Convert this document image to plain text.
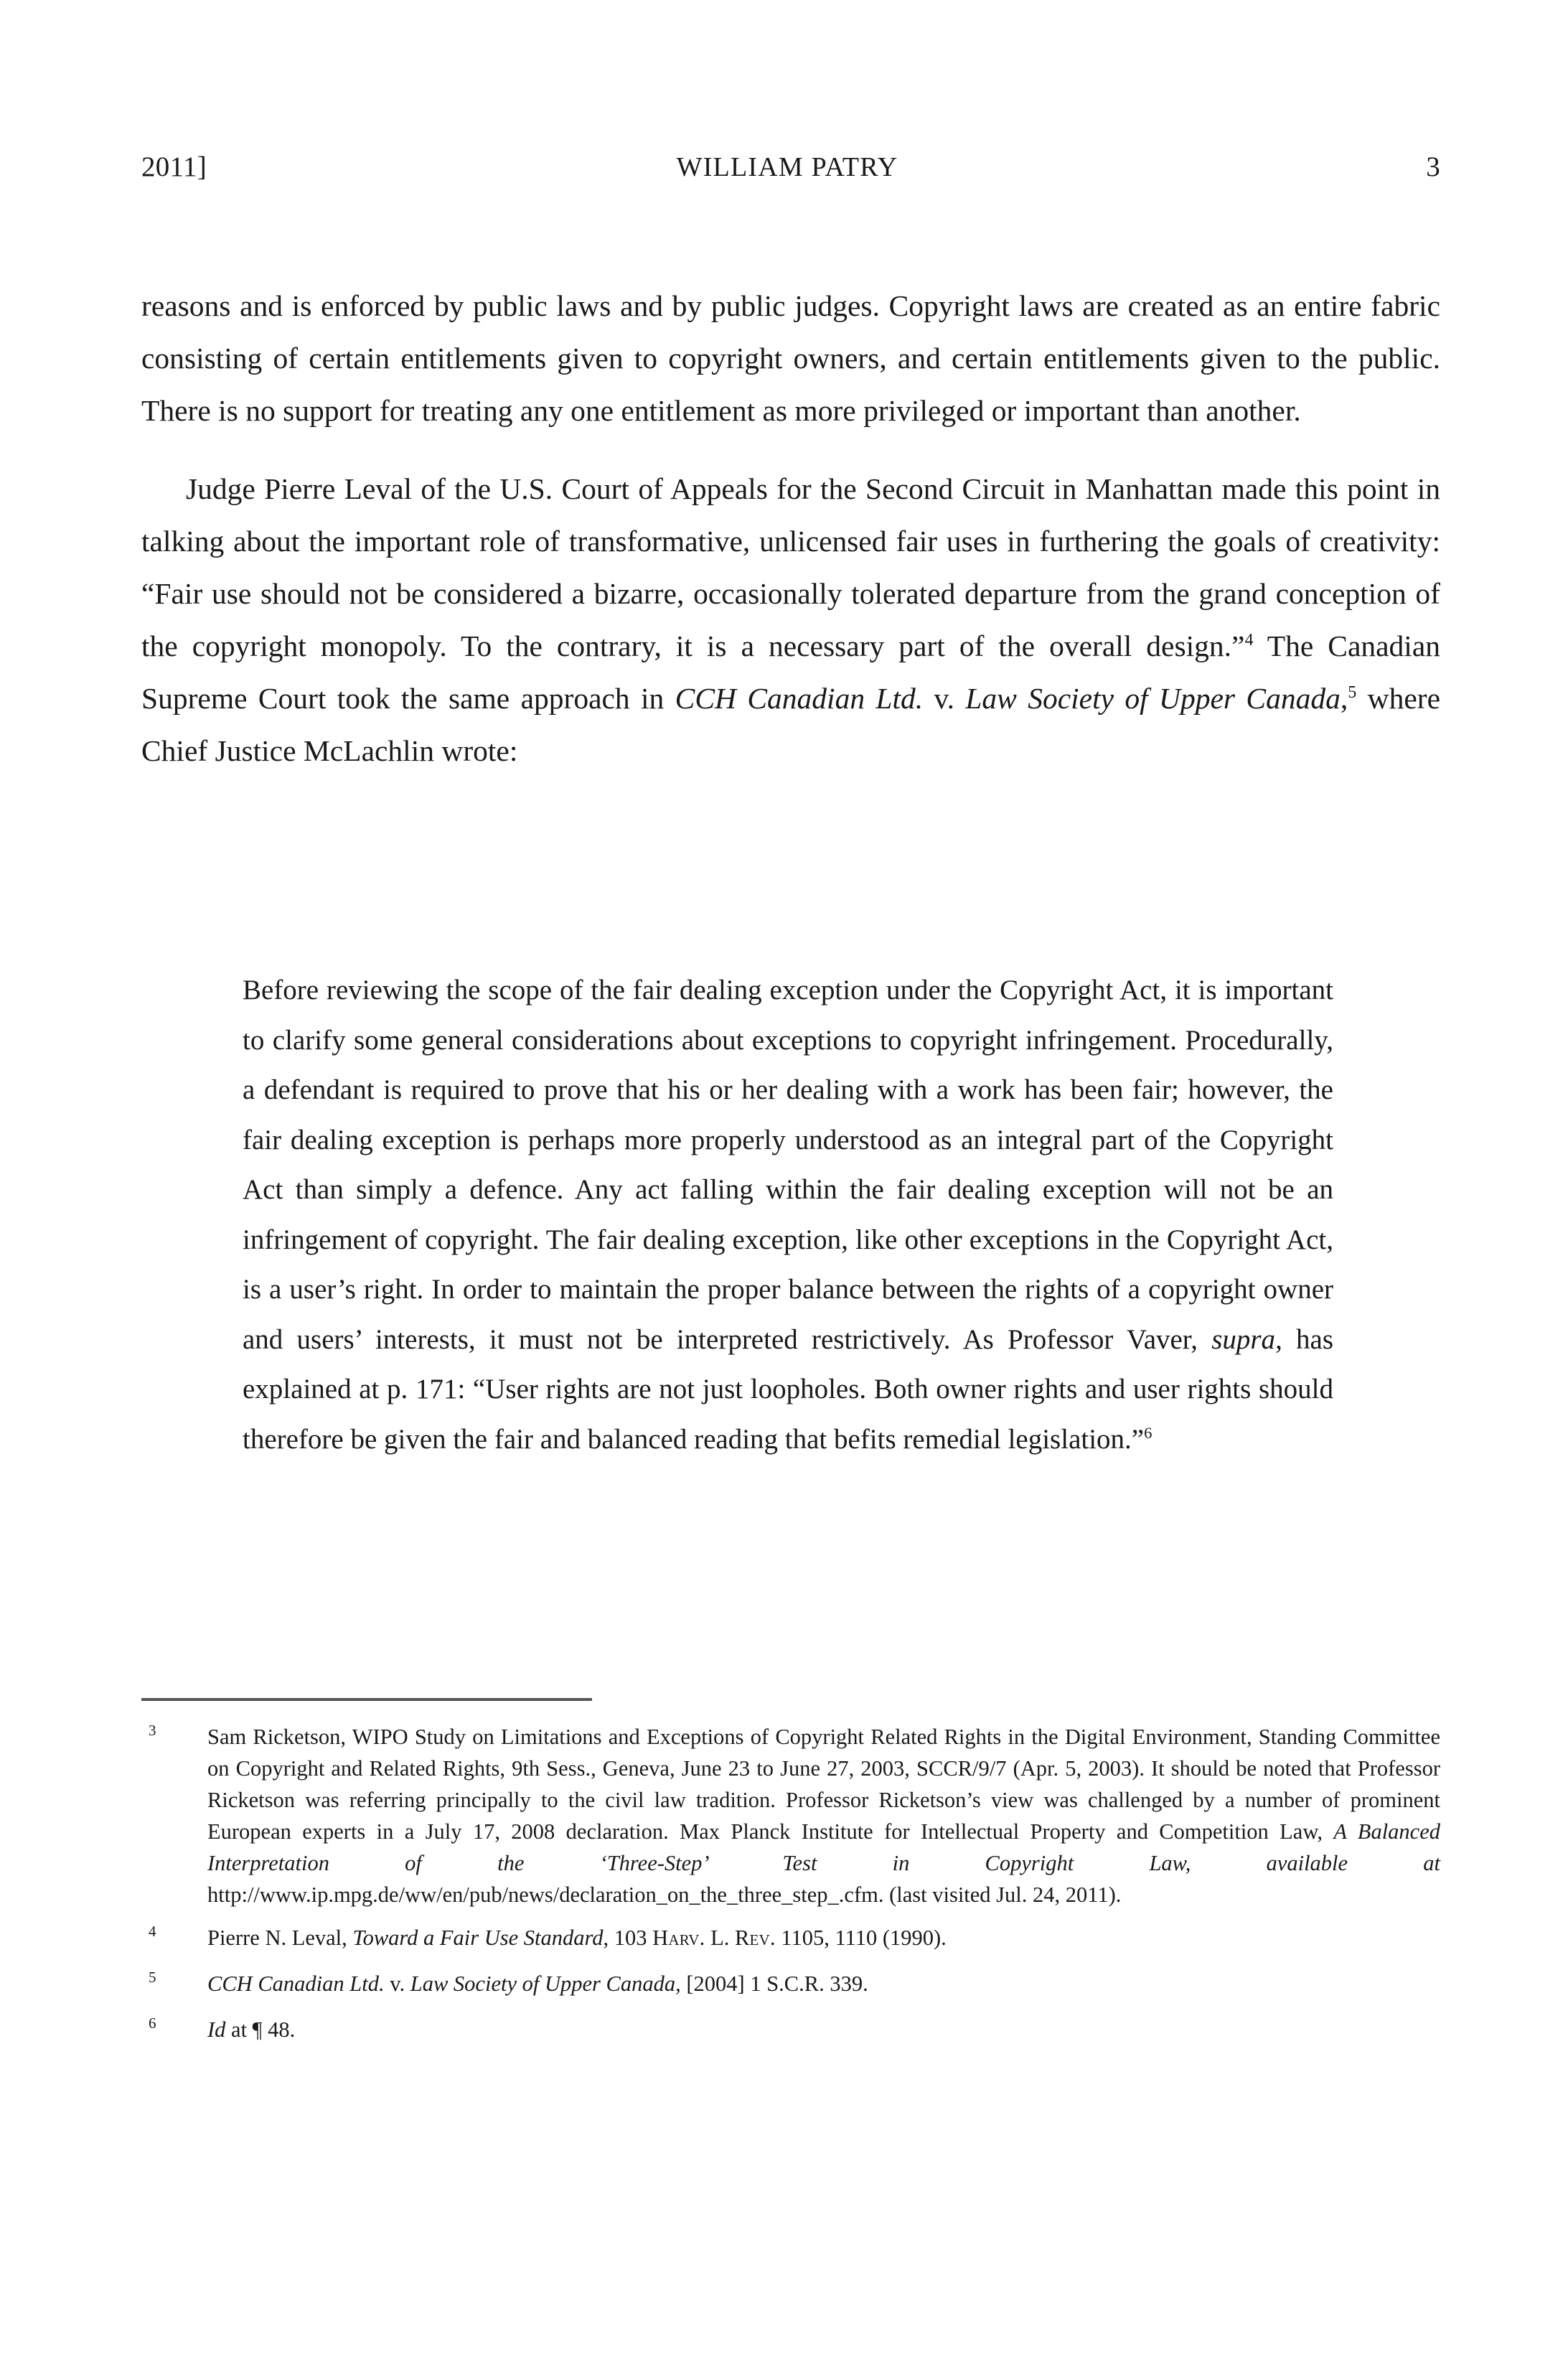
2011]	WILLIAM PATRY	3

reasons and is enforced by public laws and by public judges. Copyright laws are created as an entire fabric consisting of certain entitlements given to copyright owners, and certain entitlements given to the public. There is no support for treating any one entitlement as more privileged or important than another.

Judge Pierre Leval of the U.S. Court of Appeals for the Second Circuit in Manhattan made this point in talking about the important role of transformative, unlicensed fair uses in furthering the goals of creativity: “Fair use should not be considered a bizarre, occasionally tolerated departure from the grand conception of the copyright monopoly. To the contrary, it is a necessary part of the overall design.”$^4$ The Canadian Supreme Court took the same approach in CCH Canadian Ltd. v. Law Society of Upper Canada,$^5$ where Chief Justice McLachlin wrote:

Before reviewing the scope of the fair dealing exception under the Copyright Act, it is important to clarify some general considerations about exceptions to copyright infringement. Procedurally, a defendant is required to prove that his or her dealing with a work has been fair; however, the fair dealing exception is perhaps more properly understood as an integral part of the Copyright Act than simply a defence. Any act falling within the fair dealing exception will not be an infringement of copyright. The fair dealing exception, like other exceptions in the Copyright Act, is a user’s right. In order to maintain the proper balance between the rights of a copyright owner and users’ interests, it must not be interpreted restrictively. As Professor Vaver, supra, has explained at p. 171: “User rights are not just loopholes. Both owner rights and user rights should therefore be given the fair and balanced reading that befits remedial legislation.”$^6$

3 Sam Ricketson, WIPO Study on Limitations and Exceptions of Copyright Related Rights in the Digital Environment, Standing Committee on Copyright and Related Rights, 9th Sess., Geneva, June 23 to June 27, 2003, SCCR/9/7 (Apr. 5, 2003). It should be noted that Professor Ricketson was referring principally to the civil law tradition. Professor Ricketson’s view was challenged by a number of prominent European experts in a July 17, 2008 declaration. Max Planck Institute for Intellectual Property and Competition Law, A Balanced Interpretation of the ‘Three-Step’ Test in Copyright Law, available at http://www.ip.mpg.de/ww/en/pub/news/declaration_on_the_three_step_.cfm. (last visited Jul. 24, 2011).
4 Pierre N. Leval, Toward a Fair Use Standard, 103 Harv. L. Rev. 1105, 1110 (1990).
5 CCH Canadian Ltd. v. Law Society of Upper Canada, [2004] 1 S.C.R. 339.
6 Id at ¶ 48.
